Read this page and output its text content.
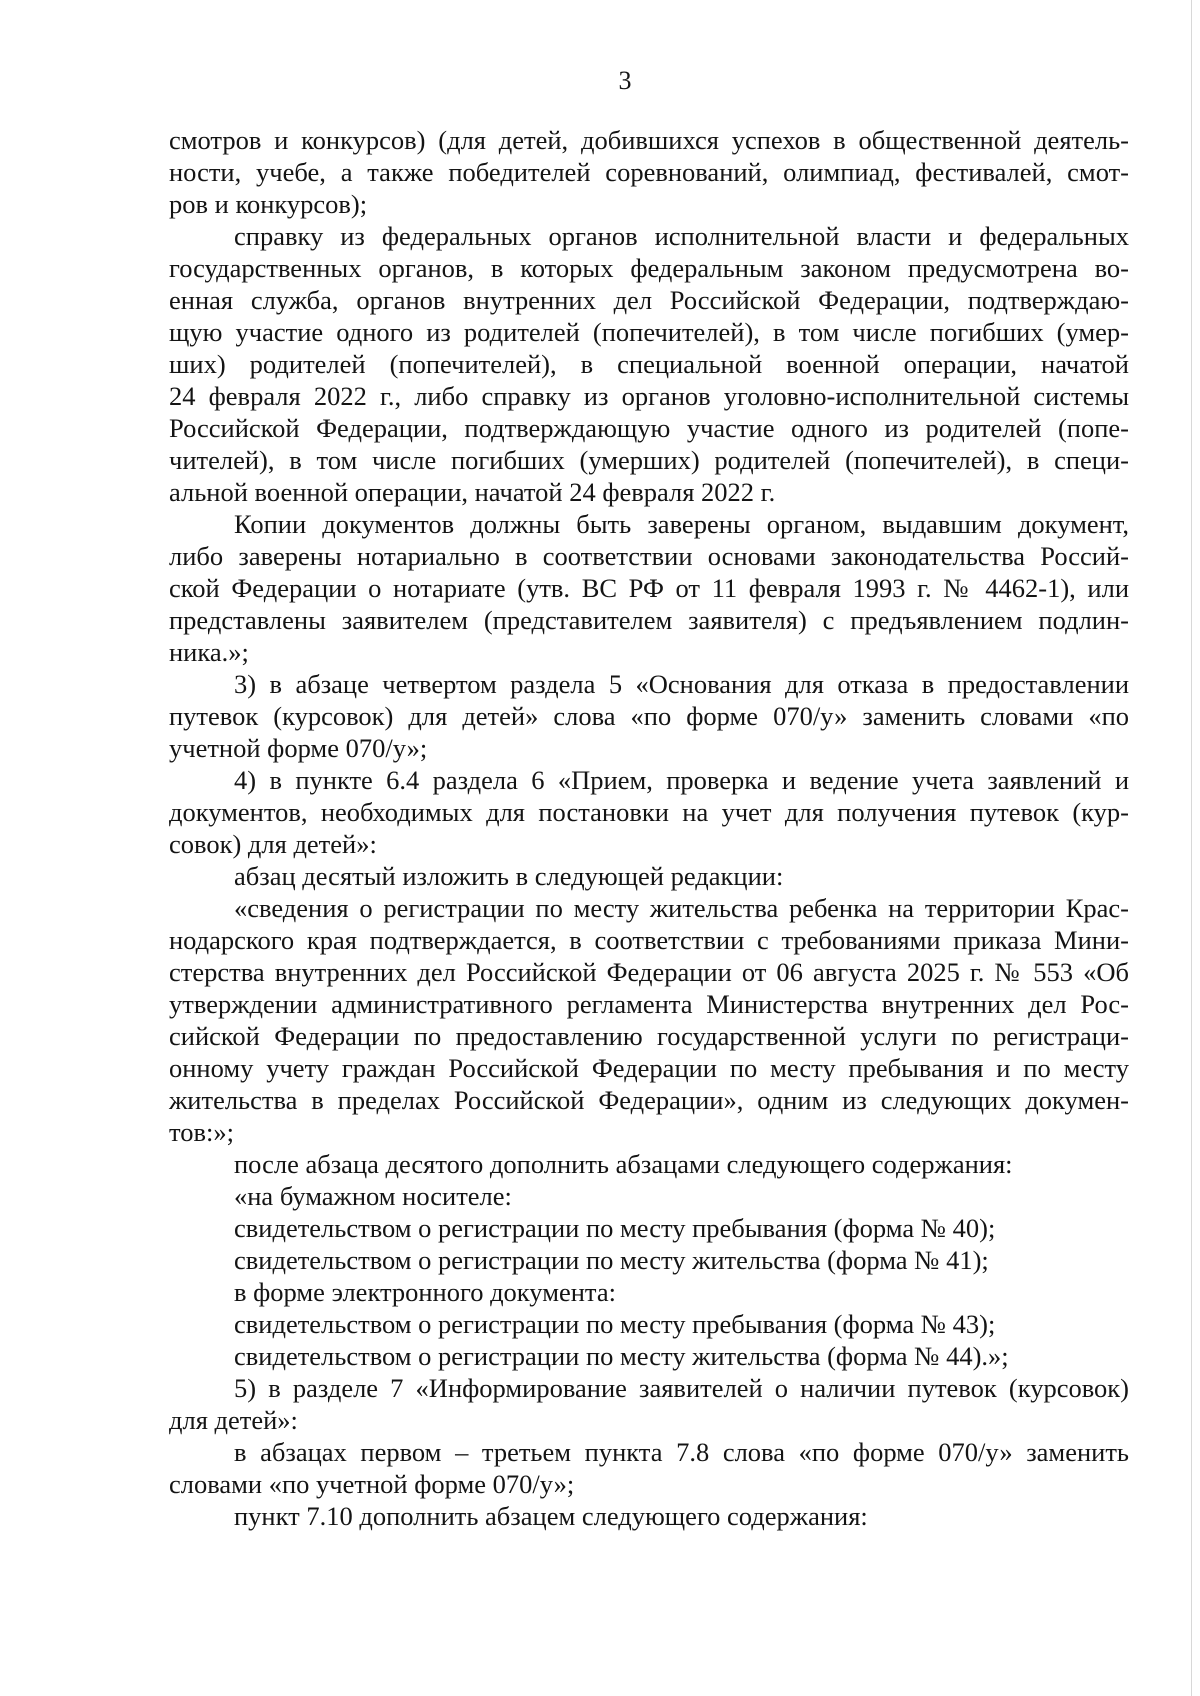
3
смотров и конкурсов) (для детей, добившихся успехов в общественной деятель-
ности, учебе, а также победителей соревнований, олимпиад, фестивалей, смот-
ров и конкурсов);
справку из федеральных органов исполнительной власти и федеральных
государственных органов, в которых федеральным законом предусмотрена во-
енная служба, органов внутренних дел Российской Федерации, подтверждаю-
щую участие одного из родителей (попечителей), в том числе погибших (умер-
ших) родителей (попечителей), в специальной военной операции, начатой
24 февраля 2022 г., либо справку из органов уголовно-исполнительной системы
Российской Федерации, подтверждающую участие одного из родителей (попе-
чителей), в том числе погибших (умерших) родителей (попечителей), в специ-
альной военной операции, начатой 24 февраля 2022 г.
Копии документов должны быть заверены органом, выдавшим документ,
либо заверены нотариально в соответствии основами законодательства Россий-
ской Федерации о нотариате (утв. ВС РФ от 11 февраля 1993 г. № 4462-1), или
представлены заявителем (представителем заявителя) с предъявлением подлин-
ника.»;
3) в абзаце четвертом раздела 5 «Основания для отказа в предоставлении
путевок (курсовок) для детей» слова «по форме 070/у» заменить словами «по
учетной форме 070/у»;
4) в пункте 6.4 раздела 6 «Прием, проверка и ведение учета заявлений и
документов, необходимых для постановки на учет для получения путевок (кур-
совок) для детей»:
абзац десятый изложить в следующей редакции:
«сведения о регистрации по месту жительства ребенка на территории Крас-
нодарского края подтверждается, в соответствии с требованиями приказа Мини-
стерства внутренних дел Российской Федерации от 06 августа 2025 г. № 553 «Об
утверждении административного регламента Министерства внутренних дел Рос-
сийской Федерации по предоставлению государственной услуги по регистраци-
онному учету граждан Российской Федерации по месту пребывания и по месту
жительства в пределах Российской Федерации», одним из следующих докумен-
тов:»;
после абзаца десятого дополнить абзацами следующего содержания:
«на бумажном носителе:
свидетельством о регистрации по месту пребывания (форма № 40);
свидетельством о регистрации по месту жительства (форма № 41);
в форме электронного документа:
свидетельством о регистрации по месту пребывания (форма № 43);
свидетельством о регистрации по месту жительства (форма № 44).»;
5) в разделе 7 «Информирование заявителей о наличии путевок (курсовок)
для детей»:
в абзацах первом – третьем пункта 7.8 слова «по форме 070/у» заменить
словами «по учетной форме 070/у»;
пункт 7.10 дополнить абзацем следующего содержания:
